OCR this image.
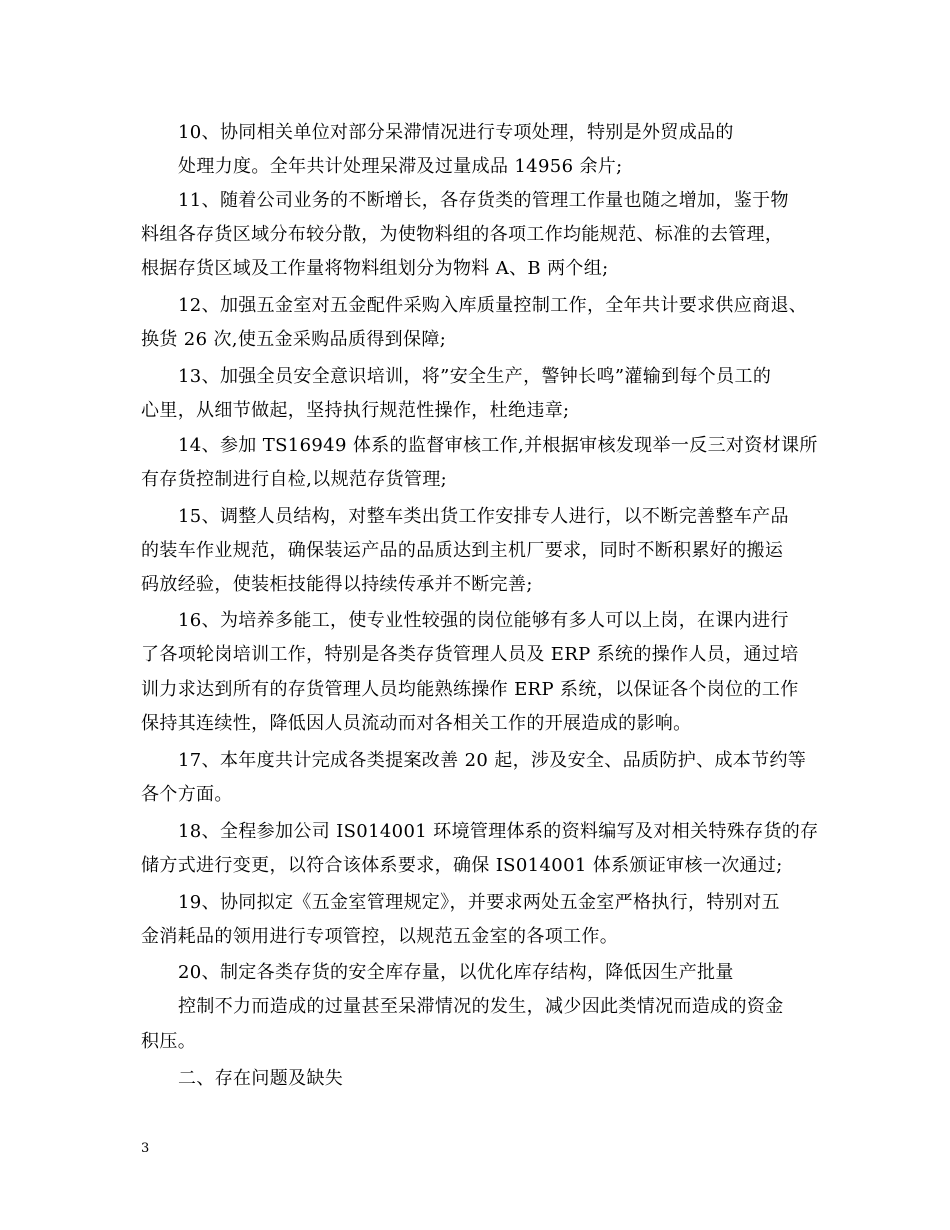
10、协同相关单位对部分呆滞情况进行专项处理，特别是外贸成品的
处理力度。全年共计处理呆滞及过量成品 14956 余片;
11、随着公司业务的不断增长，各存货类的管理工作量也随之增加，鉴于物
料组各存货区域分布较分散，为使物料组的各项工作均能规范、标准的去管理，
根据存货区域及工作量将物料组划分为物料 A、B 两个组;
12、加强五金室对五金配件采购入库质量控制工作，全年共计要求供应商退、
换货 26 次,使五金采购品质得到保障;
13、加强全员安全意识培训，将”安全生产，警钟长鸣”灌输到每个员工的
心里，从细节做起，坚持执行规范性操作，杜绝违章;
14、参加 TS16949 体系的监督审核工作,并根据审核发现举一反三对资材课所
有存货控制进行自检,以规范存货管理;
15、调整人员结构，对整车类出货工作安排专人进行，以不断完善整车产品
的装车作业规范，确保装运产品的品质达到主机厂要求，同时不断积累好的搬运
码放经验，使装柜技能得以持续传承并不断完善;
16、为培养多能工，使专业性较强的岗位能够有多人可以上岗，在课内进行
了各项轮岗培训工作，特别是各类存货管理人员及 ERP 系统的操作人员，通过培
训力求达到所有的存货管理人员均能熟练操作 ERP 系统，以保证各个岗位的工作
保持其连续性，降低因人员流动而对各相关工作的开展造成的影响。
17、本年度共计完成各类提案改善 20 起，涉及安全、品质防护、成本节约等
各个方面。
18、全程参加公司 IS014001 环境管理体系的资料编写及对相关特殊存货的存
储方式进行变更，以符合该体系要求，确保 IS014001 体系颁证审核一次通过;
19、协同拟定《五金室管理规定》，并要求两处五金室严格执行，特别对五
金消耗品的领用进行专项管控，以规范五金室的各项工作。
20、制定各类存货的安全库存量，以优化库存结构，降低因生产批量
控制不力而造成的过量甚至呆滞情况的发生，减少因此类情况而造成的资金
积压。
二、存在问题及缺失
3
